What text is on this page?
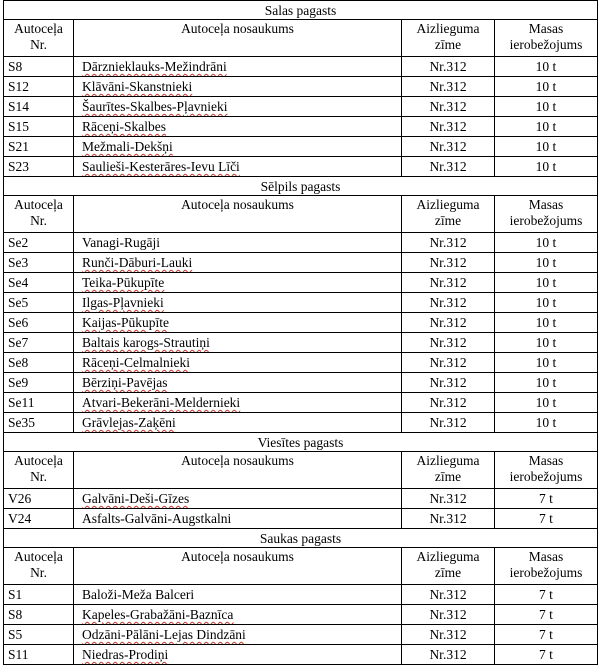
Salas pagasts			
Autoceļa Nr.	Autoceļa nosaukums	Aizlieguma zīme	Masas ierobežojums
S8	Dārznieklauks-Mežindrāni	Nr.312	10 t
S12	Klāvāni-Skanstnieki	Nr.312	10 t
S14	Šaurītes-Skalbes-Pļavnieki	Nr.312	10 t
S15	Rāceņi-Skalbes	Nr.312	10 t
S21	Mežmali-Dekšņi	Nr.312	10 t
S23	Saulieši-Kesterāres-Ievu Līči	Nr.312	10 t
Sēlpils pagasts			
Autoceļa Nr.	Autoceļa nosaukums	Aizlieguma zīme	Masas ierobežojums
Se2	Vanagi-Rugāji	Nr.312	10 t
Se3	Runči-Dāburi-Lauki	Nr.312	10 t
Se4	Teika-Pūkupīte	Nr.312	10 t
Se5	Ilgas-Pļavnieki	Nr.312	10 t
Se6	Kaijas-Pūkupīte	Nr.312	10 t
Se7	Baltais karogs-Strautiņi	Nr.312	10 t
Se8	Rāceņi-Celmalnieki	Nr.312	10 t
Se9	Bērziņi-Pavējas	Nr.312	10 t
Se11	Atvari-Bekerāni-Meldernieki	Nr.312	10 t
Se35	Grāvlejas-Zaķēni	Nr.312	10 t
Viesītes pagasts			
Autoceļa Nr.	Autoceļa nosaukums	Aizlieguma zīme	Masas ierobežojums
V26	Galvāni-Deši-Gīzes	Nr.312	7 t
V24	Asfalts-Galvāni-Augstkalni	Nr.312	7 t
Saukas pagasts			
Autoceļa Nr.	Autoceļa nosaukums	Aizlieguma zīme	Masas ierobežojums
S1	Baloži-Meža Balceri	Nr.312	7 t
S8	Kapeles-Grabažāni-Baznīca	Nr.312	7 t
S5	Odzāni-Pālāni-Lejas Dindzāni	Nr.312	7 t
S11	Niedras-Prodiņi	Nr.312	7 t
